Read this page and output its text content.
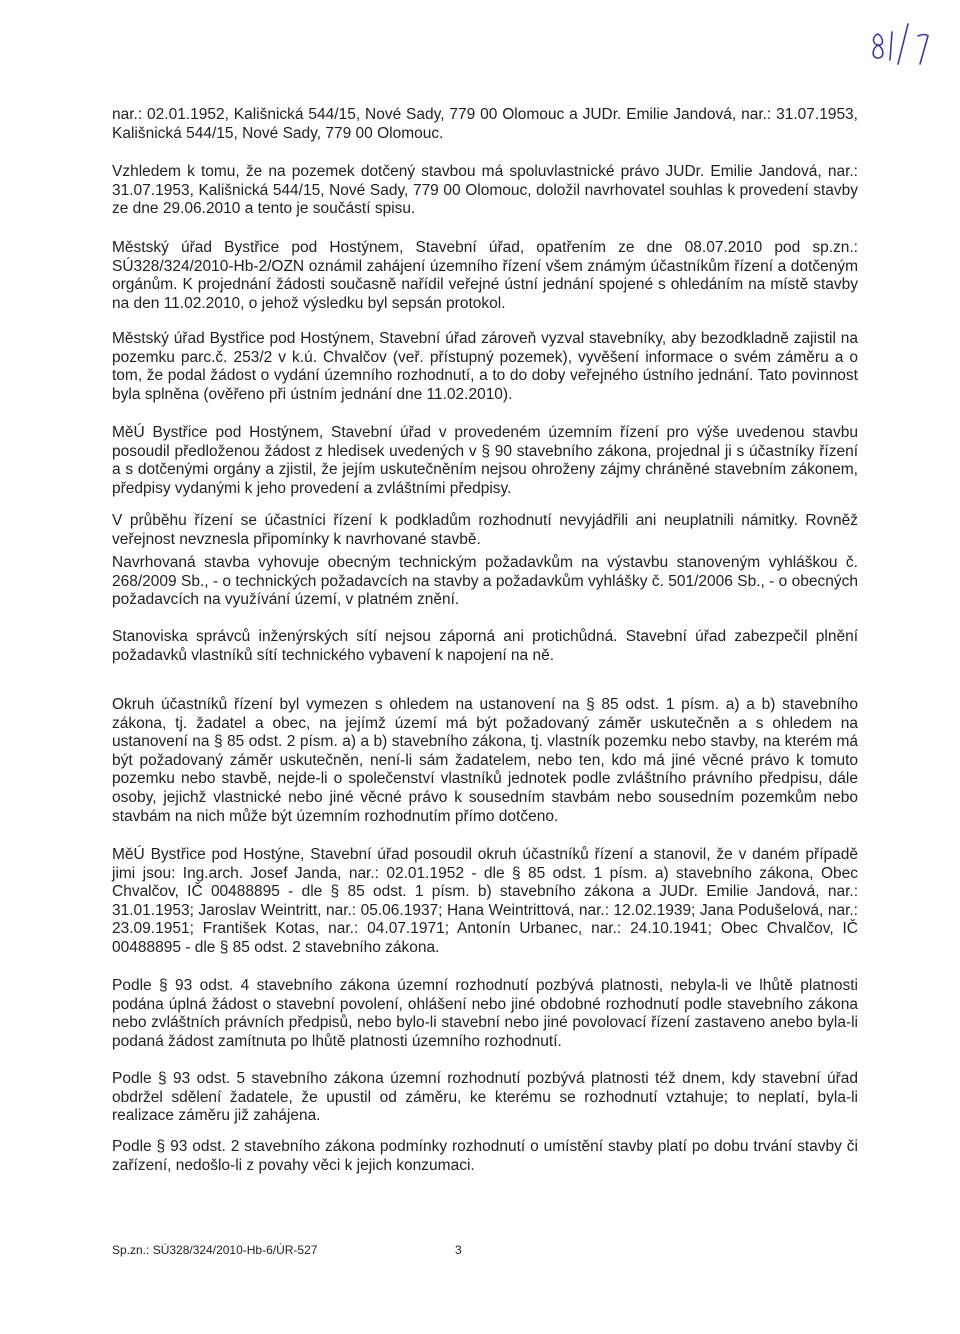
nar.: 02.01.1952, Kališnická 544/15, Nové Sady, 779 00 Olomouc a JUDr. Emilie Jandová, nar.: 31.07.1953, Kališnická 544/15, Nové Sady, 779 00 Olomouc.

Vzhledem k tomu, že na pozemek dotčený stavbou má spoluvlastnické právo JUDr. Emilie Jandová, nar.: 31.07.1953, Kališnická 544/15, Nové Sady, 779 00 Olomouc, doložil navrhovatel souhlas k provedení stavby ze dne 29.06.2010 a tento je součástí spisu.

Městský úřad Bystřice pod Hostýnem, Stavební úřad, opatřením ze dne 08.07.2010 pod sp.zn.: SÚ328/324/2010-Hb-2/OZN oznámil zahájení územního řízení všem známým účastníkům řízení a dotčeným orgánům. K projednání žádosti současně nařídil veřejné ústní jednání spojené s ohledáním na místě stavby na den 11.02.2010, o jehož výsledku byl sepsán protokol.

Městský úřad Bystřice pod Hostýnem, Stavební úřad zároveň vyzval stavebníky, aby bezodkladně zajistil na pozemku parc.č. 253/2 v k.ú. Chvalčov (veř. přístupný pozemek), vyvěšení informace o svém záměru a o tom, že podal žádost o vydání územního rozhodnutí, a to do doby veřejného ústního jednání. Tato povinnost byla splněna (ověřeno při ústním jednání dne 11.02.2010).

MěÚ Bystřice pod Hostýnem, Stavební úřad v provedeném územním řízení pro výše uvedenou stavbu posoudil předloženou žádost z hledisek uvedených v § 90 stavebního zákona, projednal ji s účastníky řízení a s dotčenými orgány a zjistil, že jejím uskutečněním nejsou ohroženy zájmy chráněné stavebním zákonem, předpisy vydanými k jeho provedení a zvláštními předpisy.

V průběhu řízení se účastníci řízení k podkladům rozhodnutí nevyjádřili ani neuplatnili námitky. Rovněž veřejnost nevznesla připomínky k navrhované stavbě.

Navrhovaná stavba vyhovuje obecným technickým požadavkům na výstavbu stanoveným vyhláškou č. 268/2009 Sb., - o technických požadavcích na stavby a požadavkům vyhlášky č. 501/2006 Sb., - o obecných požadavcích na využívání území, v platném znění.

Stanoviska správců inženýrských sítí nejsou záporná ani protichůdná. Stavební úřad zabezpečil plnění požadavků vlastníků sítí technického vybavení k napojení na ně.

Okruh účastníků řízení byl vymezen s ohledem na ustanovení na § 85 odst. 1 písm. a) a b) stavebního zákona, tj. žadatel a obec, na jejímž území má být požadovaný záměr uskutečněn a s ohledem na ustanovení na § 85 odst. 2 písm. a) a b) stavebního zákona, tj. vlastník pozemku nebo stavby, na kterém má být požadovaný záměr uskutečněn, není-li sám žadatelem, nebo ten, kdo má jiné věcné právo k tomuto pozemku nebo stavbě, nejde-li o společenství vlastníků jednotek podle zvláštního právního předpisu, dále osoby, jejichž vlastnické nebo jiné věcné právo k sousedním stavbám nebo sousedním pozemkům nebo stavbám na nich může být územním rozhodnutím přímo dotčeno.

MěÚ Bystřice pod Hostýne, Stavební úřad posoudil okruh účastníků řízení a stanovil, že v daném případě jimi jsou: Ing.arch. Josef Janda, nar.: 02.01.1952 - dle § 85 odst. 1 písm. a) stavebního zákona, Obec Chvalčov, IČ 00488895 - dle § 85 odst. 1 písm. b) stavebního zákona a JUDr. Emilie Jandová, nar.: 31.01.1953; Jaroslav Weintritt, nar.: 05.06.1937; Hana Weintrittová, nar.: 12.02.1939; Jana Podušelová, nar.: 23.09.1951; František Kotas, nar.: 04.07.1971; Antonín Urbanec, nar.: 24.10.1941; Obec Chvalčov, IČ 00488895 - dle § 85 odst. 2 stavebního zákona.

Podle § 93 odst. 4 stavebního zákona územní rozhodnutí pozbývá platnosti, nebyla-li ve lhůtě platnosti podána úplná žádost o stavební povolení, ohlášení nebo jiné obdobné rozhodnutí podle stavebního zákona nebo zvláštních právních předpisů, nebo bylo-li stavební nebo jiné povolovací řízení zastaveno anebo byla-li podaná žádost zamítnuta po lhůtě platnosti územního rozhodnutí.

Podle § 93 odst. 5 stavebního zákona územní rozhodnutí pozbývá platnosti též dnem, kdy stavební úřad obdržel sdělení žadatele, že upustil od záměru, ke kterému se rozhodnutí vztahuje; to neplatí, byla-li realizace záměru již zahájena.

Podle § 93 odst. 2 stavebního zákona podmínky rozhodnutí o umístění stavby platí po dobu trvání stavby či zařízení, nedošlo-li z povahy věci k jejich konzumaci.

Sp.zn.: SÚ328/324/2010-Hb-6/ÚR-527	3
